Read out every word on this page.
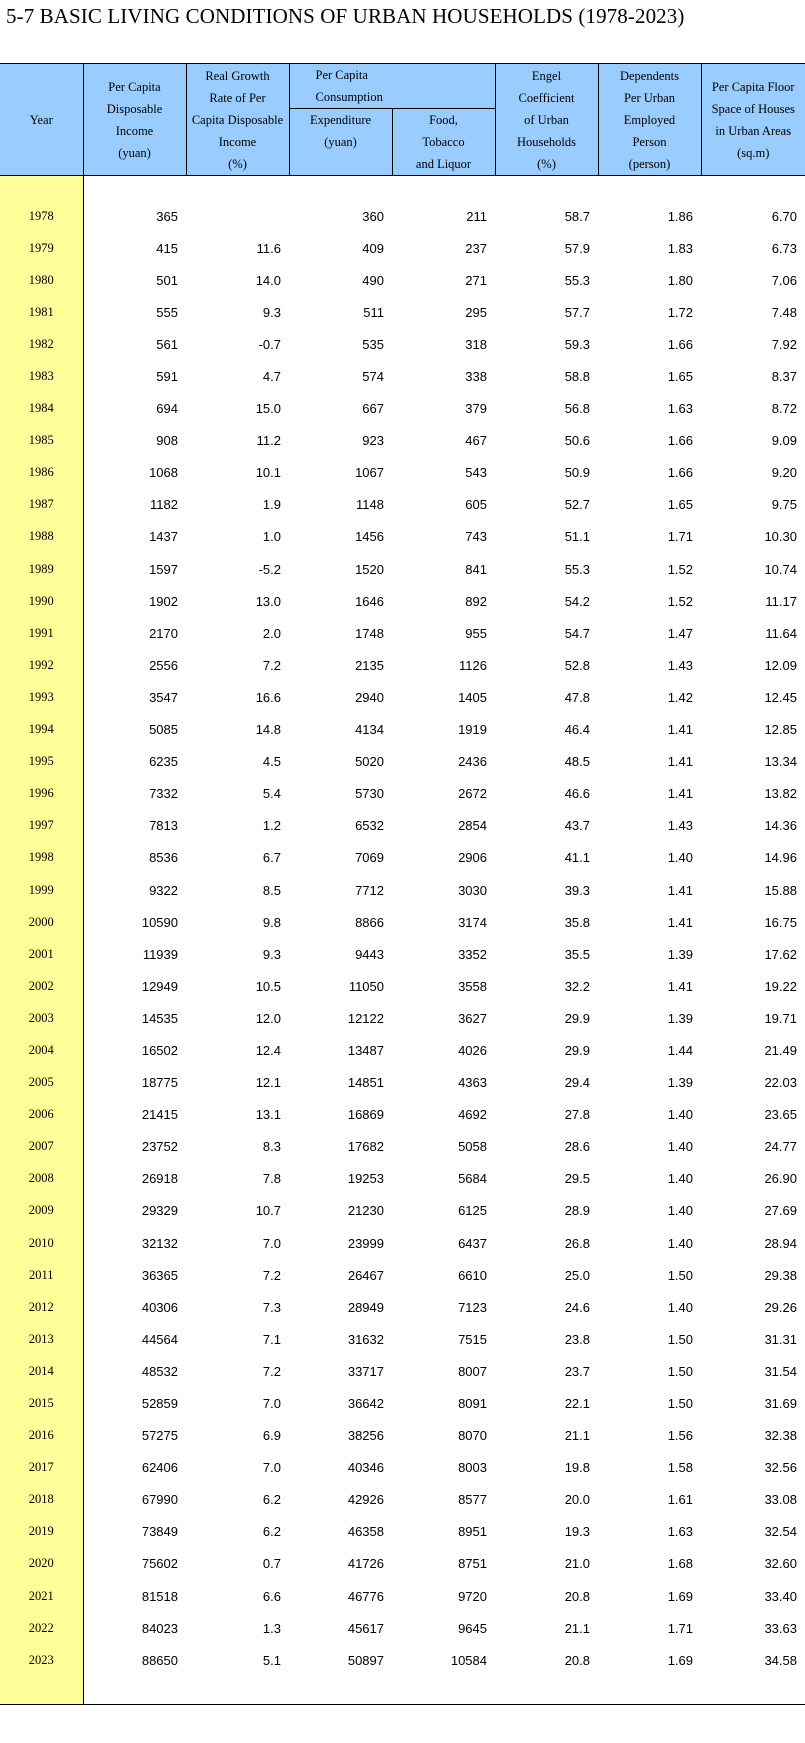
5-7 BASIC LIVING CONDITIONS OF URBAN HOUSEHOLDS (1978-2023)
Year	Per Capita
Disposable
Income
(yuan)	Real Growth
Rate of Per
Capita Disposable
Income
(%)	Per Capita
Consumption		Engel
Coefficient
of Urban
Households
(%)	Dependents
Per Urban
Employed
Person
(person)	Per Capita Floor
Space of Houses
in Urban Areas
(sq.m)

			Expenditure
(yuan)	Food,
Tobacco
and Liquor			

1978	365		360	211	58.7	1.86	6.70
1979	415	11.6	409	237	57.9	1.83	6.73
1980	501	14.0	490	271	55.3	1.80	7.06
1981	555	9.3	511	295	57.7	1.72	7.48
1982	561	-0.7	535	318	59.3	1.66	7.92
1983	591	4.7	574	338	58.8	1.65	8.37
1984	694	15.0	667	379	56.8	1.63	8.72
1985	908	11.2	923	467	50.6	1.66	9.09
1986	1068	10.1	1067	543	50.9	1.66	9.20
1987	1182	1.9	1148	605	52.7	1.65	9.75
1988	1437	1.0	1456	743	51.1	1.71	10.30
1989	1597	-5.2	1520	841	55.3	1.52	10.74
1990	1902	13.0	1646	892	54.2	1.52	11.17
1991	2170	2.0	1748	955	54.7	1.47	11.64
1992	2556	7.2	2135	1126	52.8	1.43	12.09
1993	3547	16.6	2940	1405	47.8	1.42	12.45
1994	5085	14.8	4134	1919	46.4	1.41	12.85
1995	6235	4.5	5020	2436	48.5	1.41	13.34
1996	7332	5.4	5730	2672	46.6	1.41	13.82
1997	7813	1.2	6532	2854	43.7	1.43	14.36
1998	8536	6.7	7069	2906	41.1	1.40	14.96
1999	9322	8.5	7712	3030	39.3	1.41	15.88
2000	10590	9.8	8866	3174	35.8	1.41	16.75
2001	11939	9.3	9443	3352	35.5	1.39	17.62
2002	12949	10.5	11050	3558	32.2	1.41	19.22
2003	14535	12.0	12122	3627	29.9	1.39	19.71
2004	16502	12.4	13487	4026	29.9	1.44	21.49
2005	18775	12.1	14851	4363	29.4	1.39	22.03
2006	21415	13.1	16869	4692	27.8	1.40	23.65
2007	23752	8.3	17682	5058	28.6	1.40	24.77
2008	26918	7.8	19253	5684	29.5	1.40	26.90
2009	29329	10.7	21230	6125	28.9	1.40	27.69
2010	32132	7.0	23999	6437	26.8	1.40	28.94
2011	36365	7.2	26467	6610	25.0	1.50	29.38
2012	40306	7.3	28949	7123	24.6	1.40	29.26
2013	44564	7.1	31632	7515	23.8	1.50	31.31
2014	48532	7.2	33717	8007	23.7	1.50	31.54
2015	52859	7.0	36642	8091	22.1	1.50	31.69
2016	57275	6.9	38256	8070	21.1	1.56	32.38
2017	62406	7.0	40346	8003	19.8	1.58	32.56
2018	67990	6.2	42926	8577	20.0	1.61	33.08
2019	73849	6.2	46358	8951	19.3	1.63	32.54
2020	75602	0.7	41726	8751	21.0	1.68	32.60
2021	81518	6.6	46776	9720	20.8	1.69	33.40
2022	84023	1.3	45617	9645	21.1	1.71	33.63
2023	88650	5.1	50897	10584	20.8	1.69	34.58
